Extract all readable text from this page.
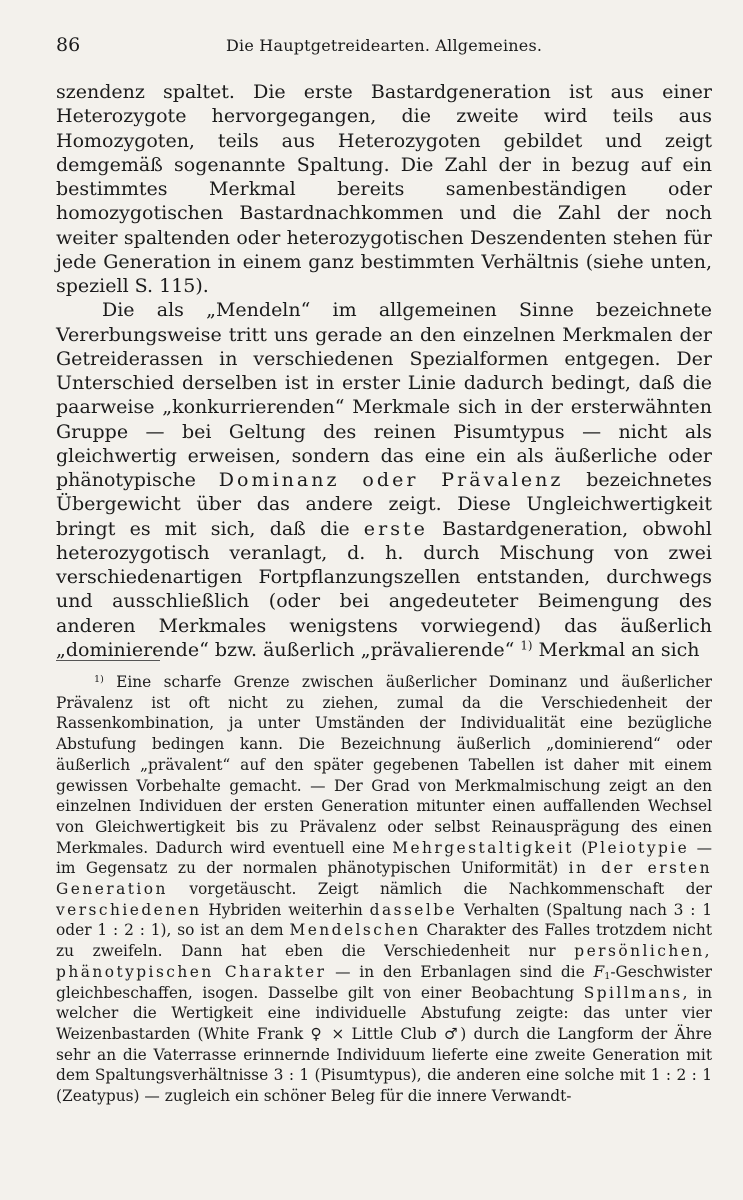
86	Die Hauptgetreidearten. Allgemeines.

szendenz spaltet. Die erste Bastardgeneration ist aus einer Heterozygote hervorgegangen, die zweite wird teils aus Homozygoten, teils aus Heterozygoten gebildet und zeigt demgemäß sogenannte Spaltung. Die Zahl der in bezug auf ein bestimmtes Merkmal bereits samenbeständigen oder homozygotischen Bastardnachkommen und die Zahl der noch weiter spaltenden oder heterozygotischen Deszendenten stehen für jede Generation in einem ganz bestimmten Verhältnis (siehe unten, speziell S. 115).

Die als „Mendeln“ im allgemeinen Sinne bezeichnete Vererbungsweise tritt uns gerade an den einzelnen Merkmalen der Getreiderassen in verschiedenen Spezialformen entgegen. Der Unterschied derselben ist in erster Linie dadurch bedingt, daß die paarweise „konkurrierenden“ Merkmale sich in der ersterwähnten Gruppe — bei Geltung des reinen Pisumtypus — nicht als gleichwertig erweisen, sondern das eine ein als äußerliche oder phänotypische Dominanz oder Prävalenz bezeichnetes Übergewicht über das andere zeigt. Diese Ungleichwertigkeit bringt es mit sich, daß die erste Bastardgeneration, obwohl heterozygotisch veranlagt, d. h. durch Mischung von zwei verschiedenartigen Fortpflanzungszellen entstanden, durchwegs und ausschließlich (oder bei angedeuteter Beimengung des anderen Merkmales wenigstens vorwiegend) das äußerlich „dominierende“ bzw. äußerlich „prävalierende“ $^{1)}$ Merkmal an sich

$^{1)}$ Eine scharfe Grenze zwischen äußerlicher Dominanz und äußerlicher Prävalenz ist oft nicht zu ziehen, zumal da die Verschiedenheit der Rassenkombination, ja unter Umständen der Individualität eine bezügliche Abstufung bedingen kann. Die Bezeichnung äußerlich „dominierend“ oder äußerlich „prävalent“ auf den später gegebenen Tabellen ist daher mit einem gewissen Vorbehalte gemacht. — Der Grad von Merkmalmischung zeigt an den einzelnen Individuen der ersten Generation mitunter einen auffallenden Wechsel von Gleichwertigkeit bis zu Prävalenz oder selbst Reinausprägung des einen Merkmales. Dadurch wird eventuell eine Mehrgestaltigkeit (Pleiotypie — im Gegensatz zu der normalen phänotypischen Uniformität) in der ersten Generation vorgetäuscht. Zeigt nämlich die Nachkommenschaft der verschiedenen Hybriden weiterhin dasselbe Verhalten (Spaltung nach 3 : 1 oder 1 : 2 : 1), so ist an dem Mendelschen Charakter des Falles trotzdem nicht zu zweifeln. Dann hat eben die Verschiedenheit nur persönlichen, phänotypischen Charakter — in den Erbanlagen sind die $F_1$-Geschwister gleichbeschaffen, isogen. Dasselbe gilt von einer Beobachtung Spillmans, in welcher die Wertigkeit eine individuelle Abstufung zeigte: das unter vier Weizenbastarden (White Frank ♀ × Little Club ♂) durch die Langform der Ähre sehr an die Vaterrasse erinnernde Individuum lieferte eine zweite Generation mit dem Spaltungsverhältnisse 3 : 1 (Pisumtypus), die anderen eine solche mit 1 : 2 : 1 (Zeatypus) — zugleich ein schöner Beleg für die innere Verwandt-
